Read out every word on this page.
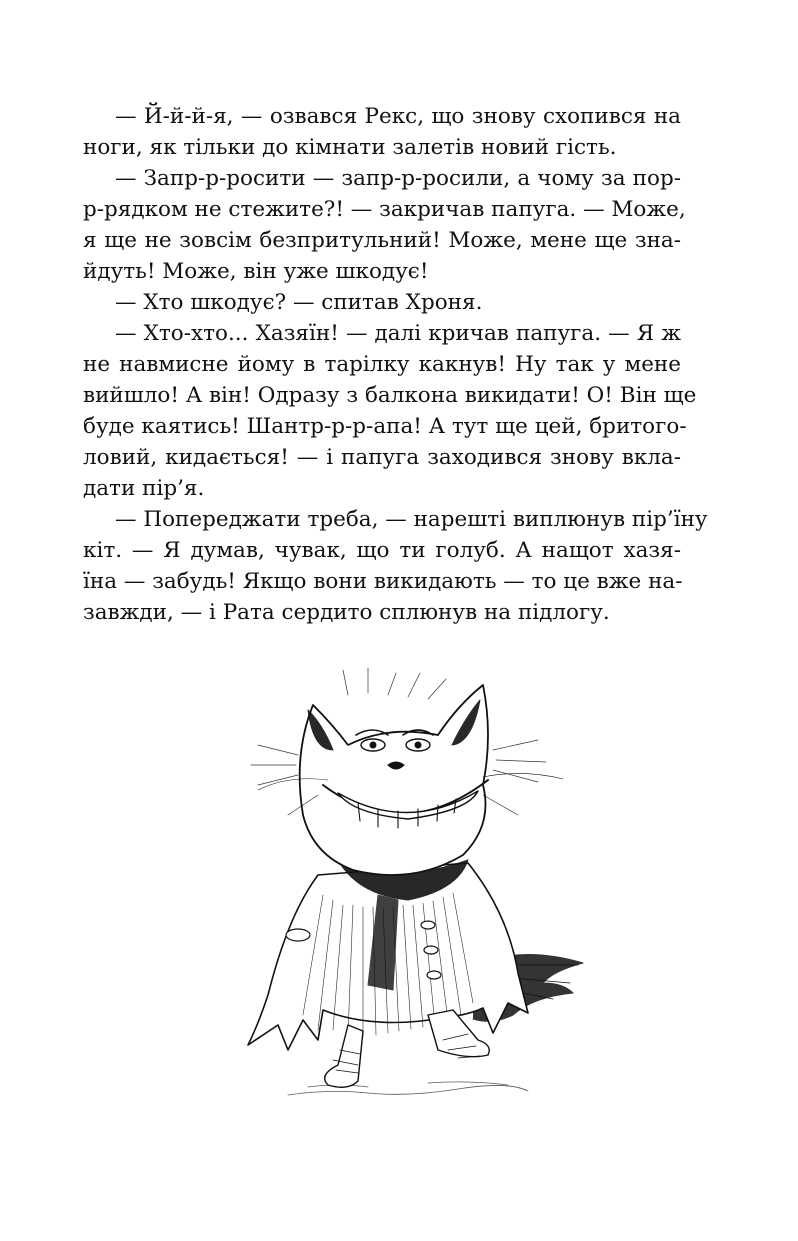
— Й-й-й-я, — озвався Рекс, що знову схопився на
ноги, як тільки до кімнати залетів новий гість.
— Запр-р-росити — запр-р-росили, а чому за пор-
р-рядком не стежите?! — закричав папуга. — Може,
я ще не зовсім безпритульний! Може, мене ще зна-
йдуть! Може, він уже шкодує!
— Хто шкодує? — спитав Хроня.
— Хто-хто... Хазяїн! — далі кричав папуга. — Я ж
не навмисне йому в тарілку какнув! Ну так у мене
вийшло! А він! Одразу з балкона викидати! О! Він ще
буде каятись! Шантр-р-р-апа! А тут ще цей, бритого-
ловий, кидається! — і папуга заходився знову вкла-
дати пір’я.
— Попереджати треба, — нарешті виплюнув пір’їну
кіт. — Я думав, чувак, що ти голуб. А нащот хазя-
їна — забудь! Якщо вони викидають — то це вже на-
завжди, — і Рата сердито сплюнув на підлогу.
